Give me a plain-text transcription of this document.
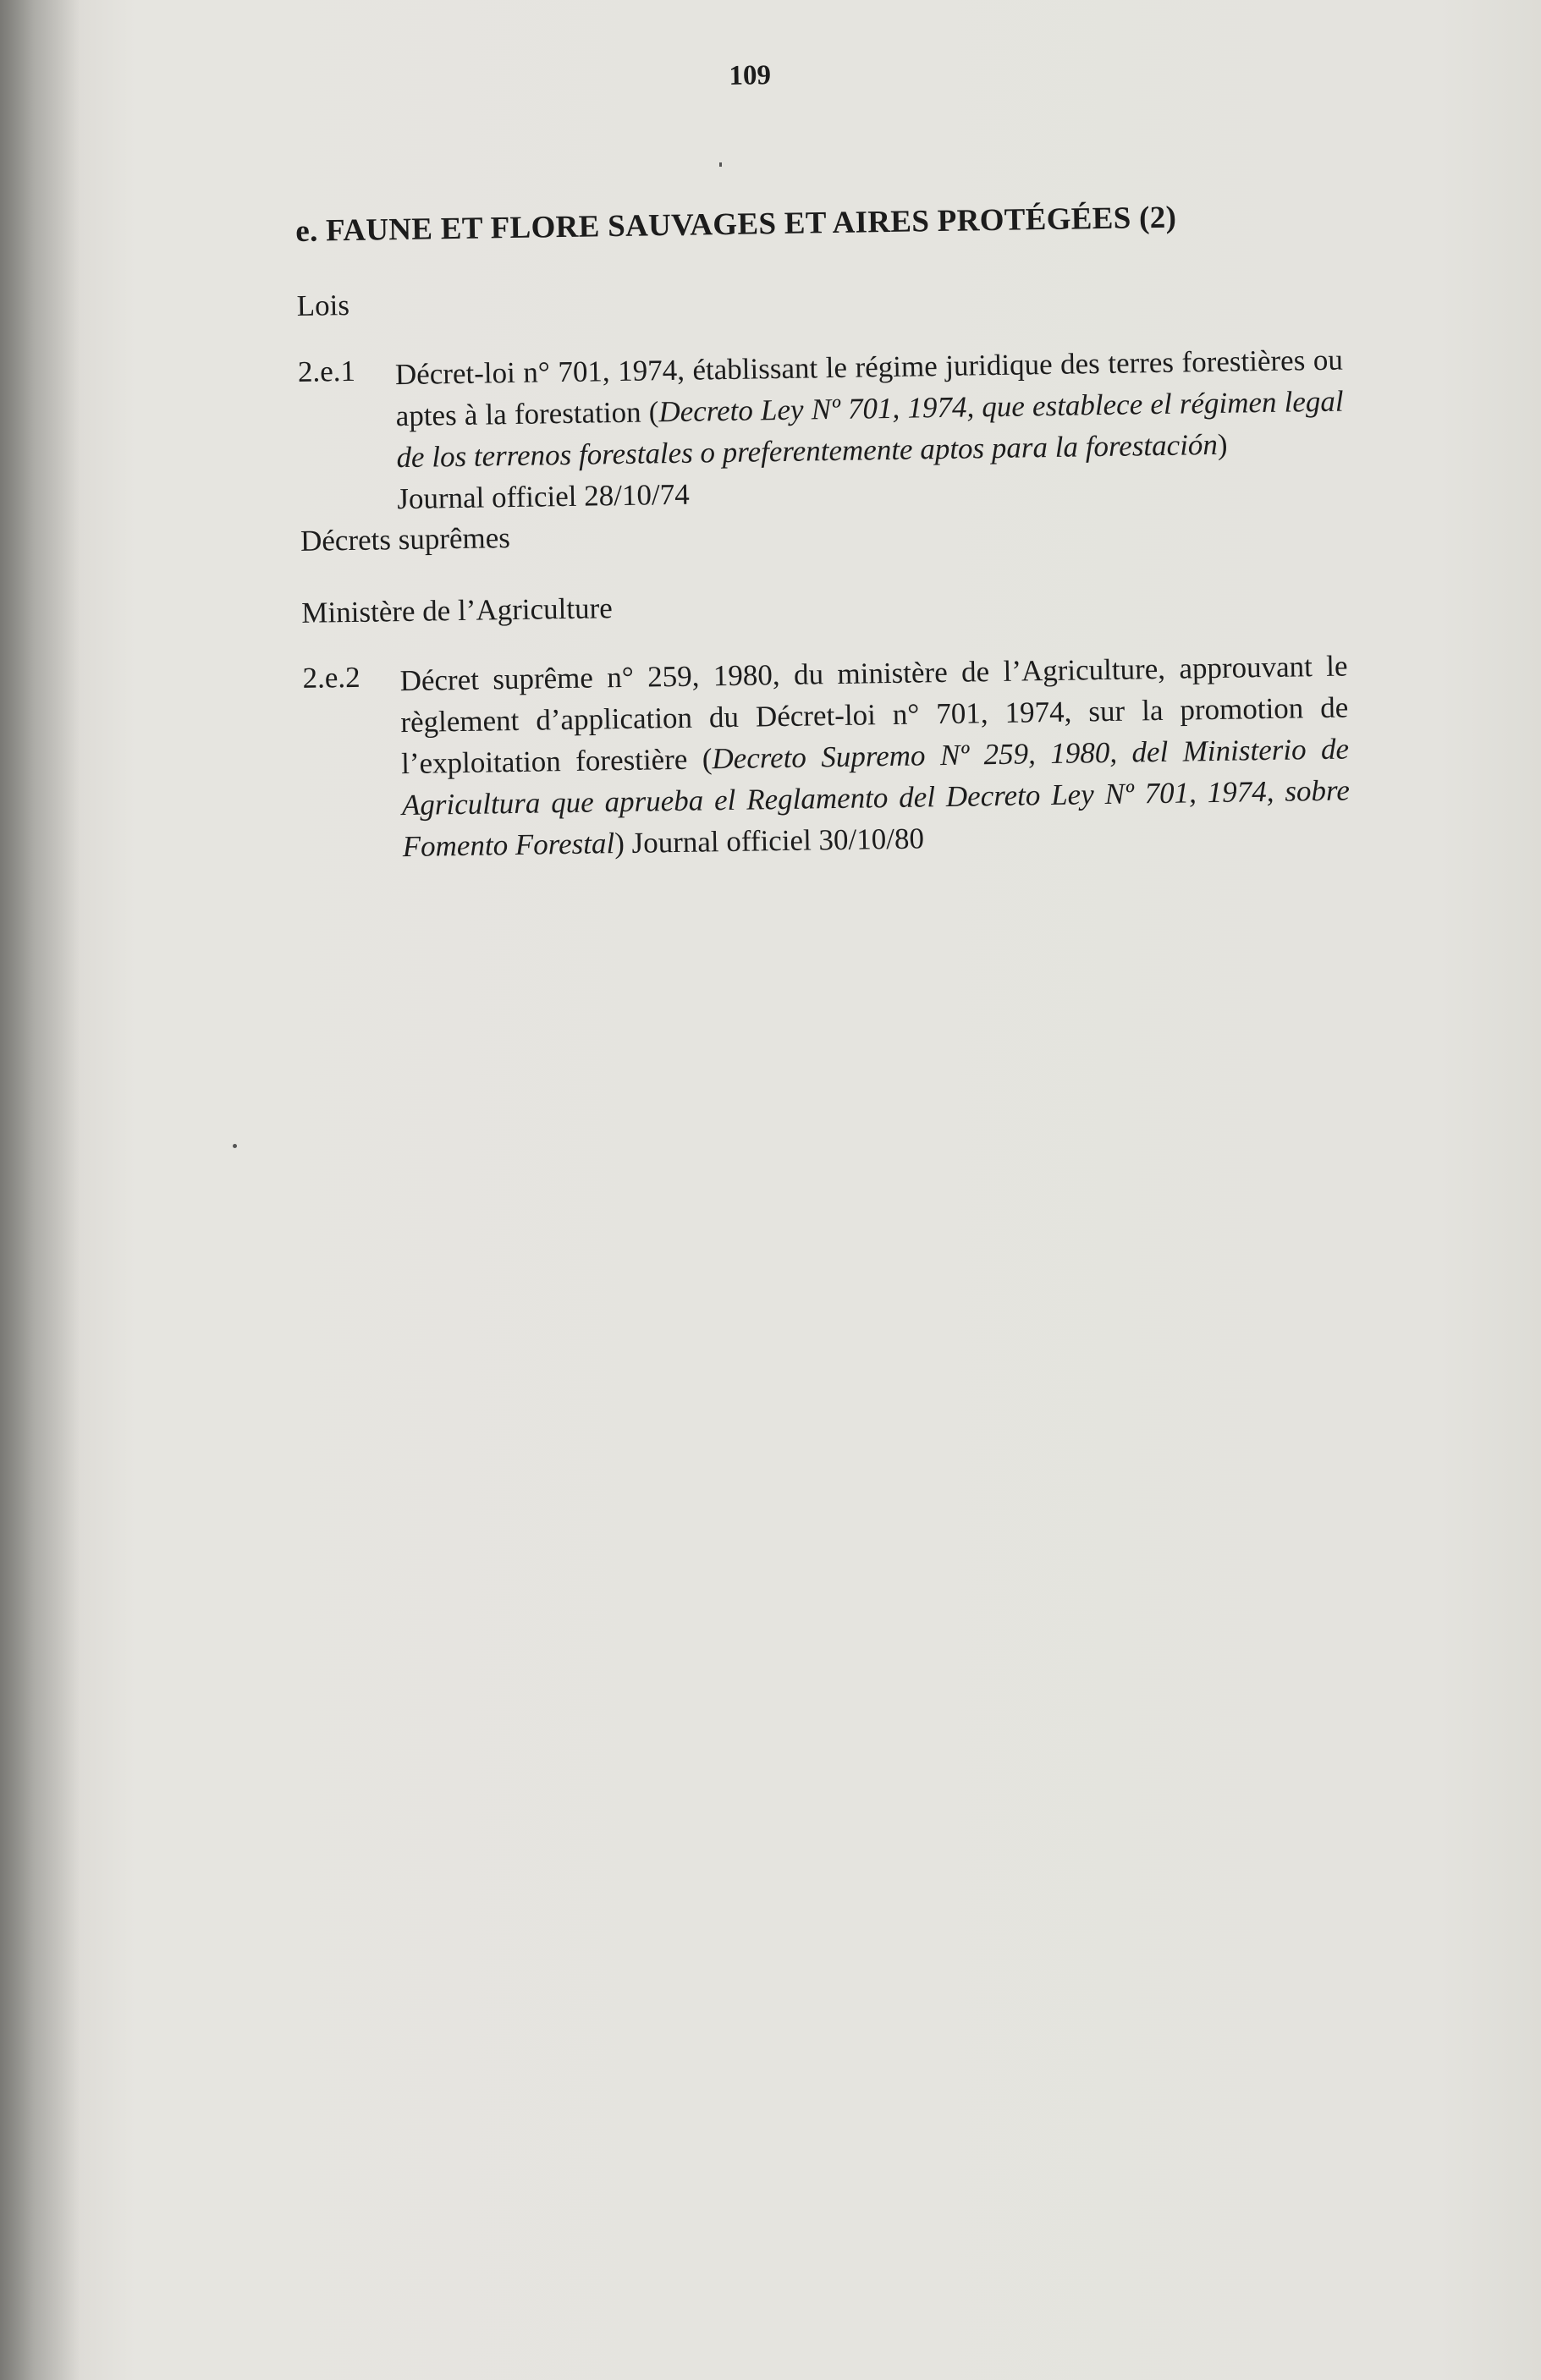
109
e. FAUNE ET FLORE SAUVAGES ET AIRES PROTÉGÉES (2)
Lois
2.e.1 Décret-loi n° 701, 1974, établissant le régime juridique des terres forestières ou aptes à la forestation (Decreto Ley Nº 701, 1974, que establece el régimen legal de los terrenos forestales o preferentemente aptos para la forestación)
Journal officiel 28/10/74
Décrets suprêmes
Ministère de l’Agriculture
2.e.2 Décret suprême n° 259, 1980, du ministère de l’Agriculture, approuvant le règlement d’application du Décret-loi n° 701, 1974, sur la promotion de l’exploitation forestière (Decreto Supremo Nº 259, 1980, del Ministerio de Agricultura que aprueba el Reglamento del Decreto Ley Nº 701, 1974, sobre Fomento Forestal) Journal officiel 30/10/80
